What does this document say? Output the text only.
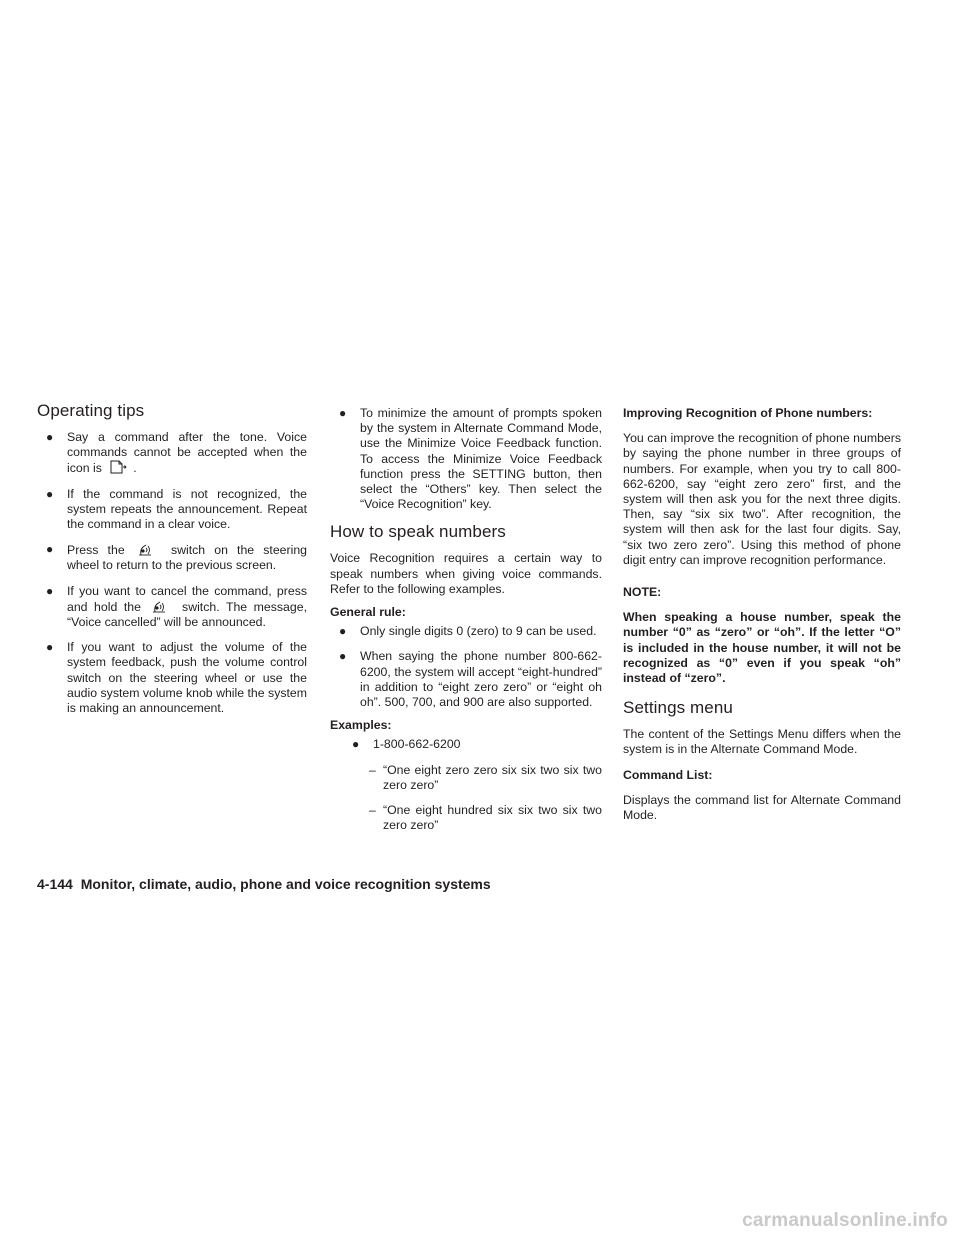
Operating tips
● Say a command after the tone. Voice commands cannot be accepted when the icon is	.
● If the command is not recognized, the system repeats the announcement. Repeat the command in a clear voice.
● Press the	switch on the steering wheel to return to the previous screen.
● If you want to cancel the command, press and hold the	switch. The message, “Voice cancelled” will be announced.
● If you want to adjust the volume of the system feedback, push the volume control switch on the steering wheel or use the audio system volume knob while the system is making an announcement.
● To minimize the amount of prompts spoken by the system in Alternate Command Mode, use the Minimize Voice Feedback function. To access the Minimize Voice Feedback function press the SETTING button, then select the “Others” key. Then select the “Voice Recognition” key.
How to speak numbers

Voice Recognition requires a certain way to speak numbers when giving voice commands. Refer to the following examples.

General rule:

● Only single digits 0 (zero) to 9 can be used.
● When saying the phone number 800-662-6200, the system will accept “eight-hundred” in addition to “eight zero zero” or “eight oh oh”. 500, 700, and 900 are also supported.

Examples:

● 1-800-662-6200
– “One eight zero zero six six two six two zero zero”
– “One eight hundred six six two six two zero zero”

Improving Recognition of Phone numbers:

You can improve the recognition of phone numbers by saying the phone number in three groups of numbers. For example, when you try to call 800-662-6200, say “eight zero zero” first, and the system will then ask you for the next three digits. Then, say “six six two”. After recognition, the system will then ask for the last four digits. Say, “six two zero zero”. Using this method of phone digit entry can improve recognition performance.

NOTE:

When speaking a house number, speak the number “0” as “zero” or “oh”. If the letter “O” is included in the house number, it will not be recognized as “0” even if you speak “oh” instead of “zero”.

Settings menu

The content of the Settings Menu differs when the system is in the Alternate Command Mode.

Command List:

Displays the command list for Alternate Command Mode.

4-144 Monitor, climate, audio, phone and voice recognition systems
carmanualsonline.info
